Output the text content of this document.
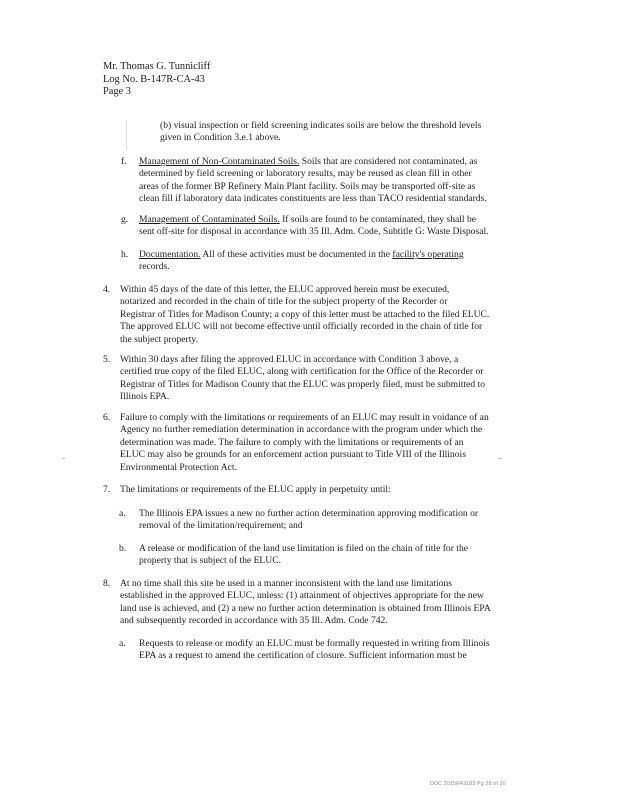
Mr. Thomas G. Tunnicliff
Log No. B-147R-CA-43
Page 3
(b) visual inspection or field screening indicates soils are below the threshold levels
given in Condition 3.e.1 above.
f. Management of Non-Contaminated Soils. Soils that are considered not contaminated, as
determined by field screening or laboratory results, may be reused as clean fill in other
areas of the former BP Refinery Main Plant facility. Soils may be transported off-site as
clean fill if laboratory data indicates constituents are less than TACO residential standards.
g. Management of Contaminated Soils. If soils are found to be contaminated, they shall be
sent off-site for disposal in accordance with 35 Ill. Adm. Code, Subtitle G: Waste Disposal.
h. Documentation. All of these activities must be documented in the facility's operating
records.
4. Within 45 days of the date of this letter, the ELUC approved herein must be executed,
notarized and recorded in the chain of title for the subject property of the Recorder or
Registrar of Titles for Madison County; a copy of this letter must be attached to the filed ELUC.
The approved ELUC will not become effective until officially recorded in the chain of title for
the subject property.
5. Within 30 days after filing the approved ELUC in accordance with Condition 3 above, a
certified true copy of the filed ELUC, along with certification for the Office of the Recorder or
Registrar of Titles for Madison County that the ELUC was properly filed, must be submitted to
Illinois EPA.
6. Failure to comply with the limitations or requirements of an ELUC may result in voidance of an
Agency no further remediation determination in accordance with the program under which the
determination was made. The failure to comply with the limitations or requirements of an
ELUC may also be grounds for an enforcement action pursuant to Title VIII of the Illinois
Environmental Protection Act.
7. The limitations or requirements of the ELUC apply in perpetuity until:
a. The Illinois EPA issues a new no further action determination approving modification or
removal of the limitation/requirement; and
b. A release or modification of the land use limitation is filed on the chain of title for the
property that is subject of the ELUC.
8. At no time shall this site be used in a manner inconsistent with the land use limitations
established in the approved ELUC, unless: (1) attainment of objectives appropriate for the new
land use is achieved, and (2) a new no further action determination is obtained from Illinois EPA
and subsequently recorded in accordance with 35 Ill. Adm. Code 742.
a. Requests to release or modify an ELUC must be formally requested in writing from Illinois
EPA as a request to amend the certification of closure. Sufficient information must be
DOC 2015R43183 Pg 28 of 30
